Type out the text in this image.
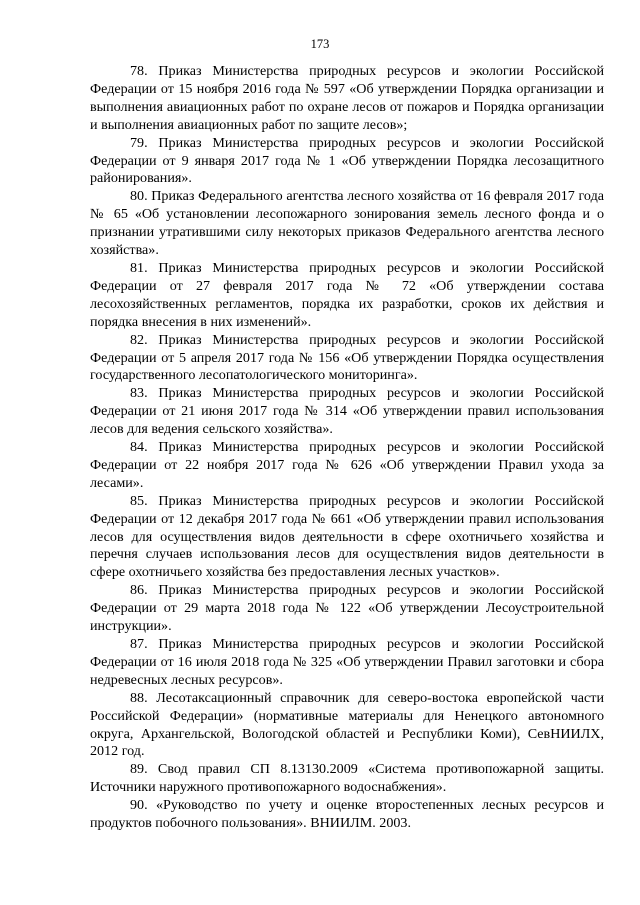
173

78. Приказ Министерства природных ресурсов и экологии Российской Федерации от 15 ноября 2016 года № 597 «Об утверждении Порядка организации и выполнения авиационных работ по охране лесов от пожаров и Порядка организации и выполнения авиационных работ по защите лесов»;

79. Приказ Министерства природных ресурсов и экологии Российской Федерации от 9 января 2017 года № 1 «Об утверждении Порядка лесозащитного районирования».

80. Приказ Федерального агентства лесного хозяйства от 16 февраля 2017 года № 65 «Об установлении лесопожарного зонирования земель лесного фонда и о признании утратившими силу некоторых приказов Федерального агентства лесного хозяйства».

81. Приказ Министерства природных ресурсов и экологии Российской Федерации от 27 февраля 2017 года № 72 «Об утверждении состава лесохозяйственных регламентов, порядка их разработки, сроков их действия и порядка внесения в них изменений».

82. Приказ Министерства природных ресурсов и экологии Российской Федерации от 5 апреля 2017 года № 156 «Об утверждении Порядка осуществления государственного лесопатологического мониторинга».

83. Приказ Министерства природных ресурсов и экологии Российской Федерации от 21 июня 2017 года № 314 «Об утверждении правил использования лесов для ведения сельского хозяйства».

84. Приказ Министерства природных ресурсов и экологии Российской Федерации от 22 ноября 2017 года № 626 «Об утверждении Правил ухода за лесами».

85. Приказ Министерства природных ресурсов и экологии Российской Федерации от 12 декабря 2017 года № 661 «Об утверждении правил использования лесов для осуществления видов деятельности в сфере охотничьего хозяйства и перечня случаев использования лесов для осуществления видов деятельности в сфере охотничьего хозяйства без предоставления лесных участков».

86. Приказ Министерства природных ресурсов и экологии Российской Федерации от 29 марта 2018 года № 122 «Об утверждении Лесоустроительной инструкции».

87. Приказ Министерства природных ресурсов и экологии Российской Федерации от 16 июля 2018 года № 325 «Об утверждении Правил заготовки и сбора недревесных лесных ресурсов».

88. Лесотаксационный справочник для северо-востока европейской части Российской Федерации» (нормативные материалы для Ненецкого автономного округа, Архангельской, Вологодской областей и Республики Коми), СевНИИЛХ, 2012 год.

89. Свод правил СП 8.13130.2009 «Система противопожарной защиты. Источники наружного противопожарного водоснабжения».

90. «Руководство по учету и оценке второстепенных лесных ресурсов и продуктов побочного пользования». ВНИИЛМ. 2003.
